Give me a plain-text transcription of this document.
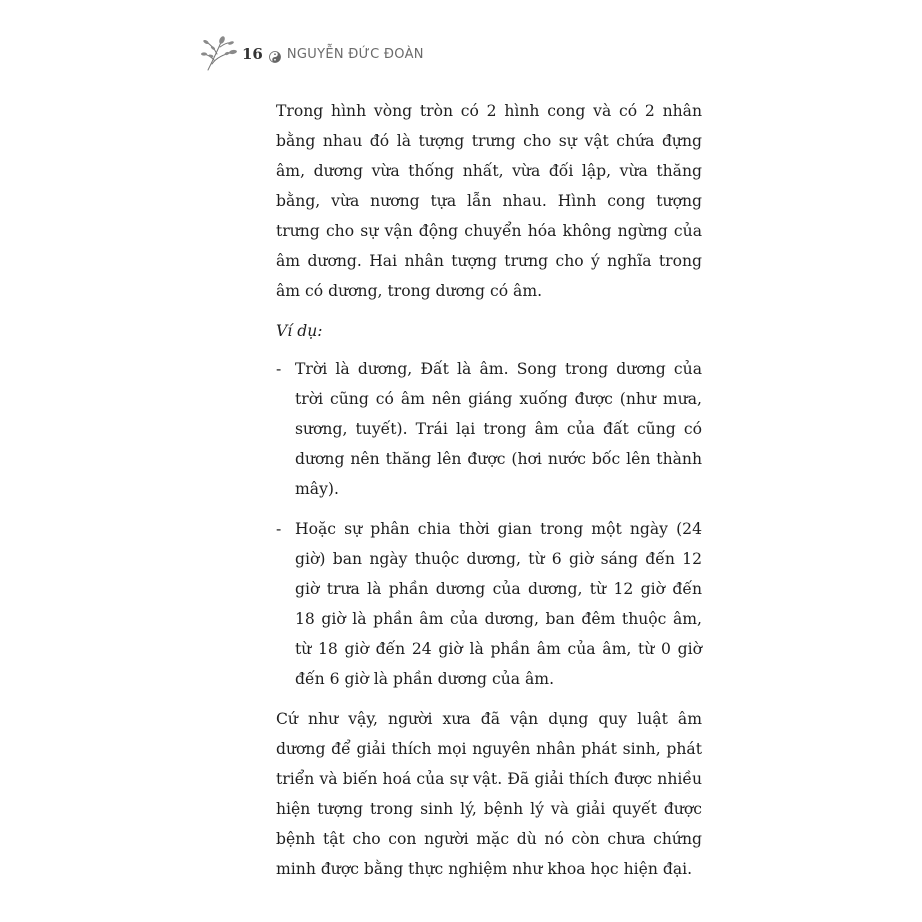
16 NGUYỄN ĐỨC ĐOÀN

Trong hình vòng tròn có 2 hình cong và có 2 nhân bằng nhau đó là tượng trưng cho sự vật chứa đựng âm, dương vừa thống nhất, vừa đối lập, vừa thăng bằng, vừa nương tựa lẫn nhau. Hình cong tượng trưng cho sự vận động chuyển hóa không ngừng của âm dương. Hai nhân tượng trưng cho ý nghĩa trong âm có dương, trong dương có âm.

Ví dụ:

- Trời là dương, Đất là âm. Song trong dương của trời cũng có âm nên giáng xuống được (như mưa, sương, tuyết). Trái lại trong âm của đất cũng có dương nên thăng lên được (hơi nước bốc lên thành mây).
- Hoặc sự phân chia thời gian trong một ngày (24 giờ) ban ngày thuộc dương, từ 6 giờ sáng đến 12 giờ trưa là phần dương của dương, từ 12 giờ đến 18 giờ là phần âm của dương, ban đêm thuộc âm, từ 18 giờ đến 24 giờ là phần âm của âm, từ 0 giờ đến 6 giờ là phần dương của âm.

Cứ như vậy, người xưa đã vận dụng quy luật âm dương để giải thích mọi nguyên nhân phát sinh, phát triển và biến hoá của sự vật. Đã giải thích được nhiều hiện tượng trong sinh lý, bệnh lý và giải quyết được bệnh tật cho con người mặc dù nó còn chưa chứng minh được bằng thực nghiệm như khoa học hiện đại.
